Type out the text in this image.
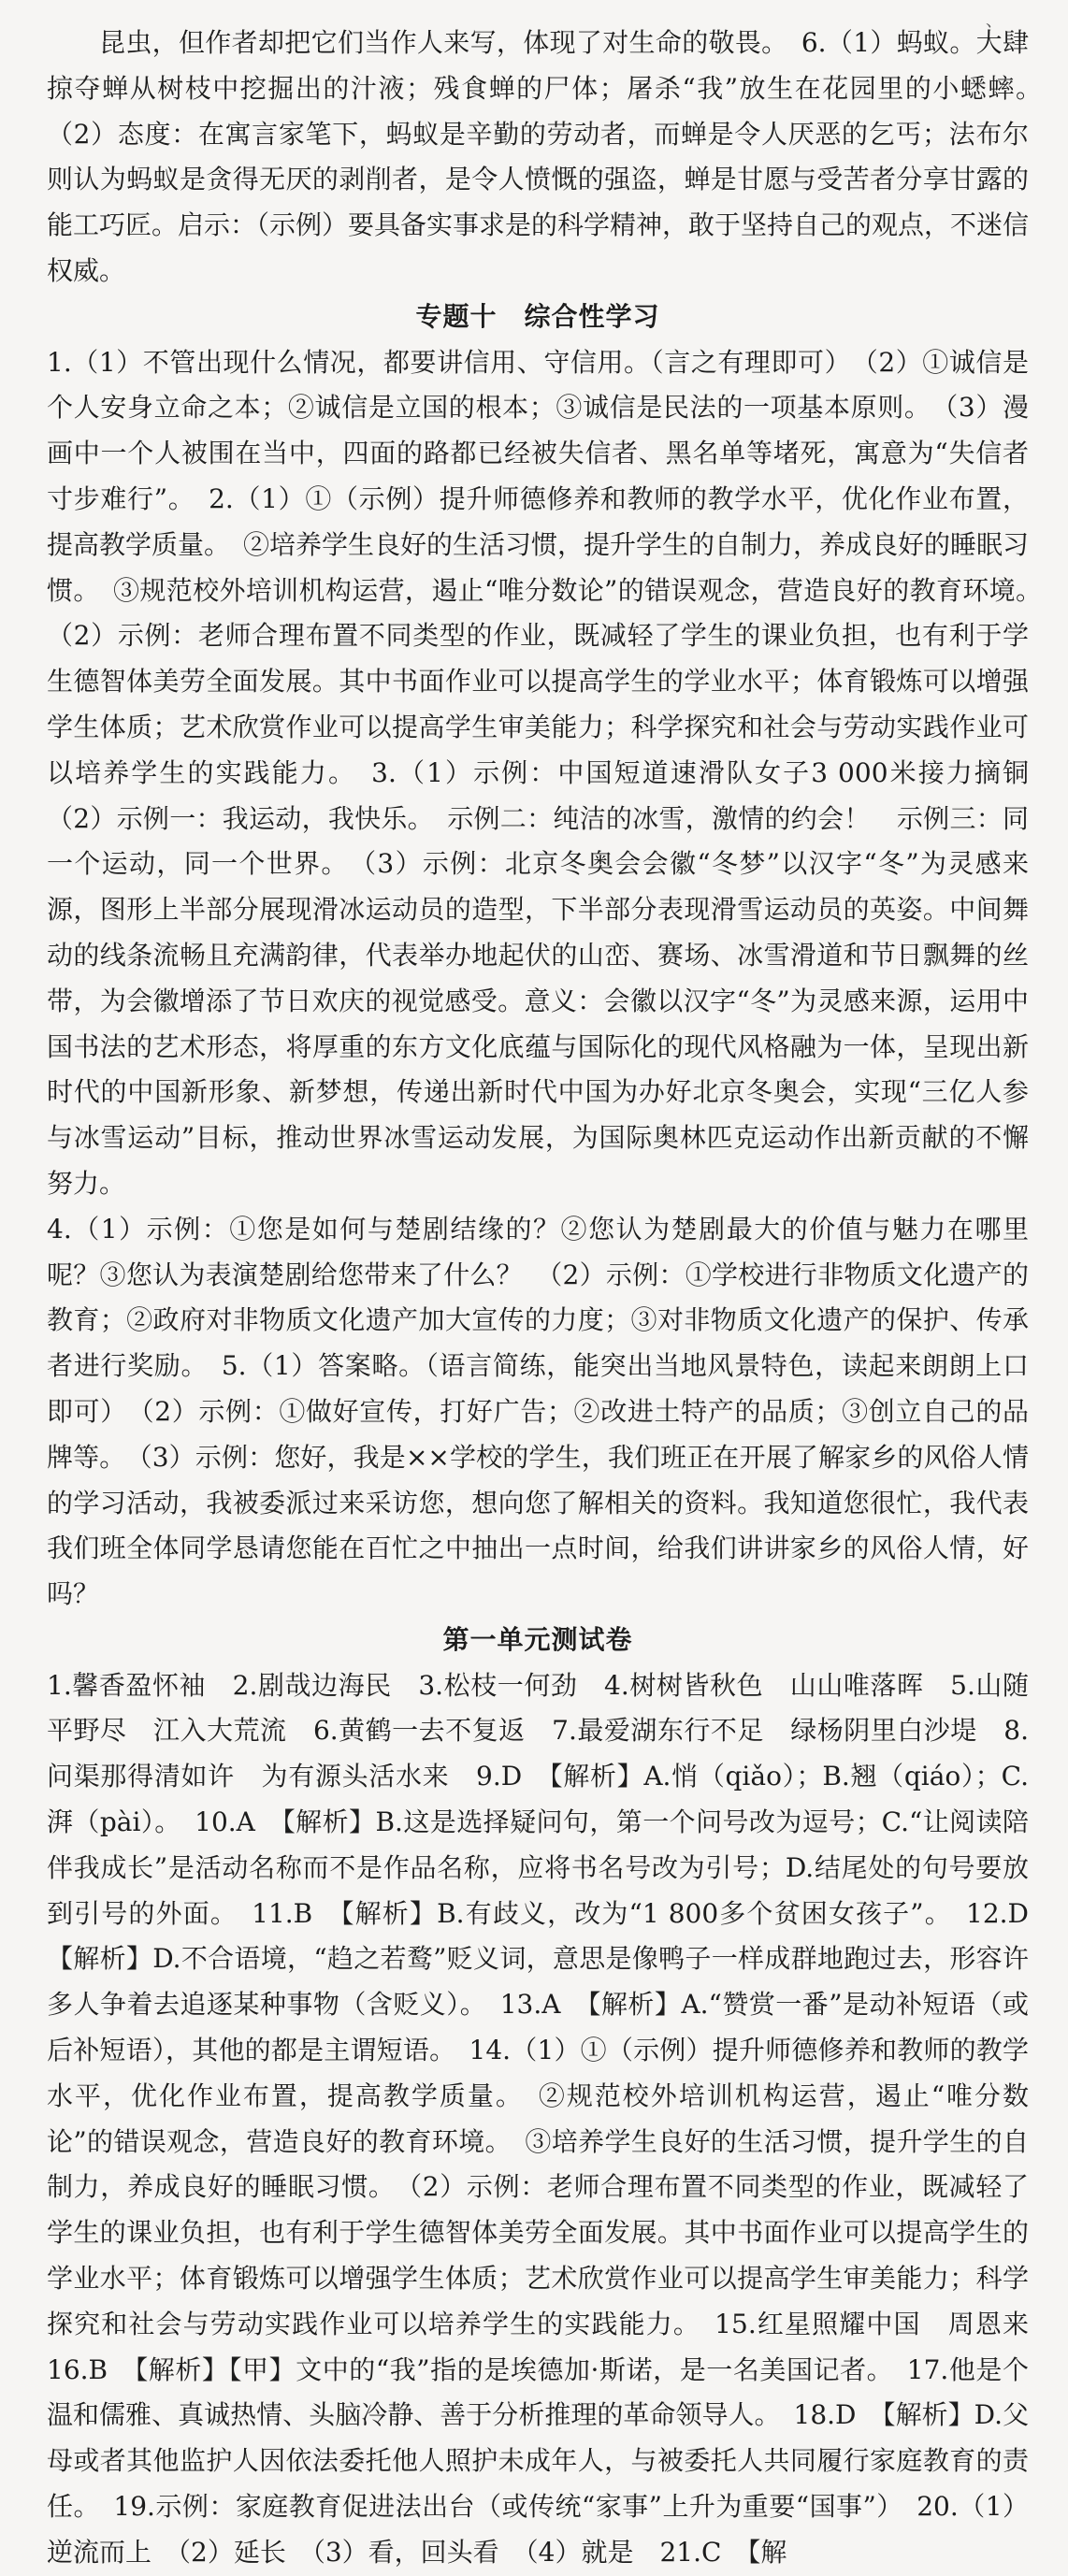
、

昆虫，但作者却把它们当作人来写，体现了对生命的敬畏。　6.（1）蚂蚁。大肆掠夺蝉从树枝中挖掘出的汁液；残食蝉的尸体；屠杀“我”放生在花园里的小蟋蟀。　（2）态度：在寓言家笔下，蚂蚁是辛勤的劳动者，而蝉是令人厌恶的乞丐；法布尔则认为蚂蚁是贪得无厌的剥削者，是令人愤慨的强盗，蝉是甘愿与受苦者分享甘露的能工巧匠。启示：（示例）要具备实事求是的科学精神，敢于坚持自己的观点，不迷信权威。

专题十　综合性学习

1.（1）不管出现什么情况，都要讲信用、守信用。（言之有理即可）　（2）①诚信是个人安身立命之本；②诚信是立国的根本；③诚信是民法的一项基本原则。　（3）漫画中一个人被围在当中，四面的路都已经被失信者、黑名单等堵死，寓意为“失信者寸步难行”。　2.（1）①（示例）提升师德修养和教师的教学水平，优化作业布置，提高教学质量。　②培养学生良好的生活习惯，提升学生的自制力，养成良好的睡眠习惯。　③规范校外培训机构运营，遏止“唯分数论”的错误观念，营造良好的教育环境。　（2）示例：老师合理布置不同类型的作业，既减轻了学生的课业负担，也有利于学生德智体美劳全面发展。其中书面作业可以提高学生的学业水平；体育锻炼可以增强学生体质；艺术欣赏作业可以提高学生审美能力；科学探究和社会与劳动实践作业可以培养学生的实践能力。　3.（1）示例：中国短道速滑队女子3 000米接力摘铜　（2）示例一：我运动，我快乐。　示例二：纯洁的冰雪，激情的约会！　示例三：同一个运动，同一个世界。　（3）示例：北京冬奥会会徽“冬梦”以汉字“冬”为灵感来源，图形上半部分展现滑冰运动员的造型，下半部分表现滑雪运动员的英姿。中间舞动的线条流畅且充满韵律，代表举办地起伏的山峦、赛场、冰雪滑道和节日飘舞的丝带，为会徽增添了节日欢庆的视觉感受。意义：会徽以汉字“冬”为灵感来源，运用中国书法的艺术形态，将厚重的东方文化底蕴与国际化的现代风格融为一体，呈现出新时代的中国新形象、新梦想，传递出新时代中国为办好北京冬奥会，实现“三亿人参与冰雪运动”目标，推动世界冰雪运动发展，为国际奥林匹克运动作出新贡献的不懈努力。

4.（1）示例：①您是如何与楚剧结缘的？②您认为楚剧最大的价值与魅力在哪里呢？③您认为表演楚剧给您带来了什么？　（2）示例：①学校进行非物质文化遗产的教育；②政府对非物质文化遗产加大宣传的力度；③对非物质文化遗产的保护、传承者进行奖励。　5.（1）答案略。（语言简练，能突出当地风景特色，读起来朗朗上口即可）　（2）示例：①做好宣传，打好广告；②改进土特产的品质；③创立自己的品牌等。　（3）示例：您好，我是××学校的学生，我们班正在开展了解家乡的风俗人情的学习活动，我被委派过来采访您，想向您了解相关的资料。我知道您很忙，我代表我们班全体同学恳请您能在百忙之中抽出一点时间，给我们讲讲家乡的风俗人情，好吗？

第一单元测试卷

1.馨香盈怀袖　2.剧哉边海民　3.松枝一何劲　4.树树皆秋色　山山唯落晖　5.山随平野尽　江入大荒流　6.黄鹤一去不复返　7.最爱湖东行不足　绿杨阴里白沙堤　8.问渠那得清如许　为有源头活水来　9.D　【解析】A.悄（qiǎo）；B.翘（qiáo）；C.湃（pài）。　10.A　【解析】B.这是选择疑问句，第一个问号改为逗号；C.“让阅读陪伴我成长”是活动名称而不是作品名称，应将书名号改为引号；D.结尾处的句号要放到引号的外面。　11.B　【解析】B.有歧义，改为“1 800多个贫困女孩子”。　12.D　【解析】D.不合语境，“趋之若鹜”贬义词，意思是像鸭子一样成群地跑过去，形容许多人争着去追逐某种事物（含贬义）。　13.A　【解析】A.“赞赏一番”是动补短语（或后补短语），其他的都是主谓短语。　14.（1）①（示例）提升师德修养和教师的教学水平，优化作业布置，提高教学质量。　②规范校外培训机构运营，遏止“唯分数论”的错误观念，营造良好的教育环境。　③培养学生良好的生活习惯，提升学生的自制力，养成良好的睡眠习惯。　（2）示例：老师合理布置不同类型的作业，既减轻了学生的课业负担，也有利于学生德智体美劳全面发展。其中书面作业可以提高学生的学业水平；体育锻炼可以增强学生体质；艺术欣赏作业可以提高学生审美能力；科学探究和社会与劳动实践作业可以培养学生的实践能力。　15.红星照耀中国　周恩来　16.B　【解析】【甲】文中的“我”指的是埃德加·斯诺，是一名美国记者。　17.他是个温和儒雅、真诚热情、头脑冷静、善于分析推理的革命领导人。　18.D　【解析】D.父母或者其他监护人因依法委托他人照护未成年人，与被委托人共同履行家庭教育的责任。　19.示例：家庭教育促进法出台（或传统“家事”上升为重要“国事”）　20.（1）逆流而上　（2）延长　（3）看，回头看　（4）就是　21.C　【解
